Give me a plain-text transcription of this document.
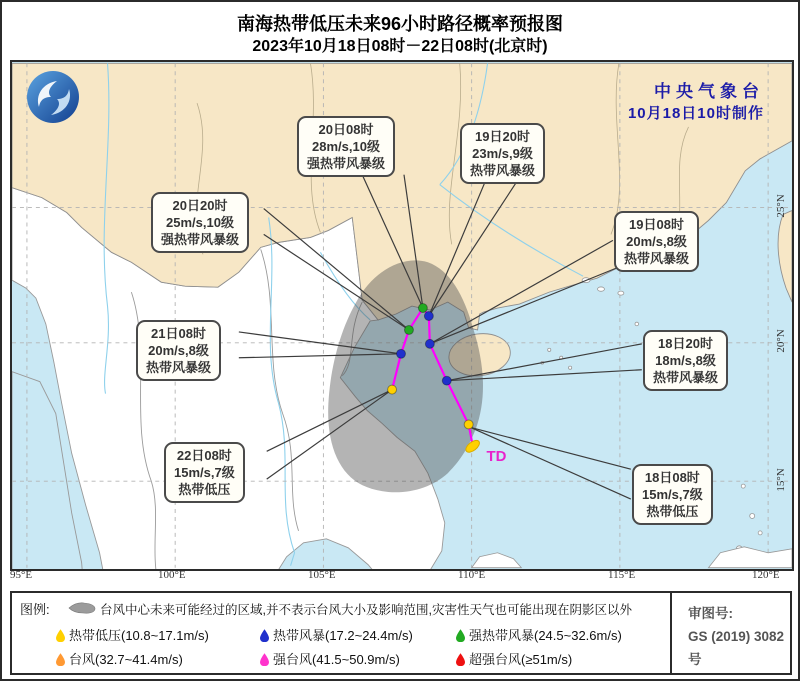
南海热带低压未来96小时路径概率预报图
2023年10月18日08时－22日08时(北京时)
TD
中央气象台
10月18日10时制作
18日08时
15m/s,7级
热带低压
18日20时
18m/s,8级
热带风暴级
19日08时
20m/s,8级
热带风暴级
19日20时
23m/s,9级
热带风暴级
20日08时
28m/s,10级
强热带风暴级
20日20时
25m/s,10级
强热带风暴级
21日08时
20m/s,8级
热带风暴级
22日08时
15m/s,7级
热带低压
95°E	100°E	105°E	110°E	115°E	120°E
25°N
20°N
15°N
图例:	台风中心未来可能经过的区域,并不表示台风大小及影响范围,灾害性天气也可能出现在阴影区以外
热带低压(10.8~17.1m/s)	热带风暴(17.2~24.4m/s)	强热带风暴(24.5~32.6m/s)
台风(32.7~41.4m/s)	强台风(41.5~50.9m/s)	超强台风(≥51m/s)
审图号:
GS (2019) 3082号
